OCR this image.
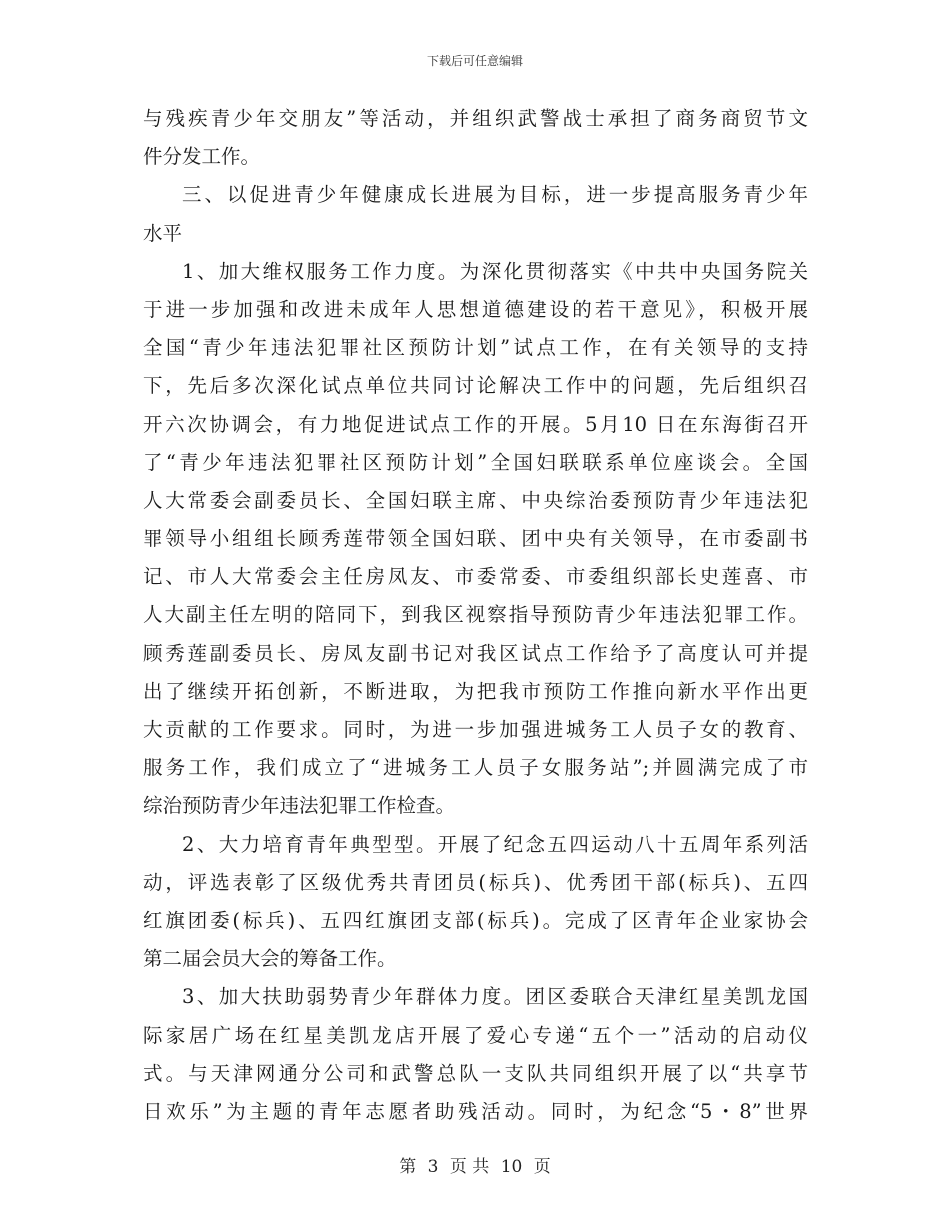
下载后可任意编辑
与残疾青少年交朋友”等活动，并组织武警战士承担了商务商贸节文
件分发工作。
三、以促进青少年健康成长进展为目标，进一步提高服务青少年
水平
1、加大维权服务工作力度。为深化贯彻落实《中共中央国务院关
于进一步加强和改进未成年人思想道德建设的若干意见》，积极开展
全国“青少年违法犯罪社区预防计划”试点工作，在有关领导的支持
下，先后多次深化试点单位共同讨论解决工作中的问题，先后组织召
开六次协调会，有力地促进试点工作的开展。5月10 日在东海街召开
了“青少年违法犯罪社区预防计划”全国妇联联系单位座谈会。全国
人大常委会副委员长、全国妇联主席、中央综治委预防青少年违法犯
罪领导小组组长顾秀莲带领全国妇联、团中央有关领导，在市委副书
记、市人大常委会主任房凤友、市委常委、市委组织部长史莲喜、市
人大副主任左明的陪同下，到我区视察指导预防青少年违法犯罪工作。
顾秀莲副委员长、房凤友副书记对我区试点工作给予了高度认可并提
出了继续开拓创新，不断进取，为把我市预防工作推向新水平作出更
大贡献的工作要求。同时，为进一步加强进城务工人员子女的教育、
服务工作，我们成立了“进城务工人员子女服务站”;并圆满完成了市
综治预防青少年违法犯罪工作检查。
2、大力培育青年典型型。开展了纪念五四运动八十五周年系列活
动，评选表彰了区级优秀共青团员(标兵)、优秀团干部(标兵)、五四
红旗团委(标兵)、五四红旗团支部(标兵)。完成了区青年企业家协会
第二届会员大会的筹备工作。
3、加大扶助弱势青少年群体力度。团区委联合天津红星美凯龙国
际家居广场在红星美凯龙店开展了爱心专递“五个一”活动的启动仪
式。与天津网通分公司和武警总队一支队共同组织开展了以“共享节
日欢乐”为主题的青年志愿者助残活动。同时，为纪念“5・8”世界
第 3 页 共 10 页
